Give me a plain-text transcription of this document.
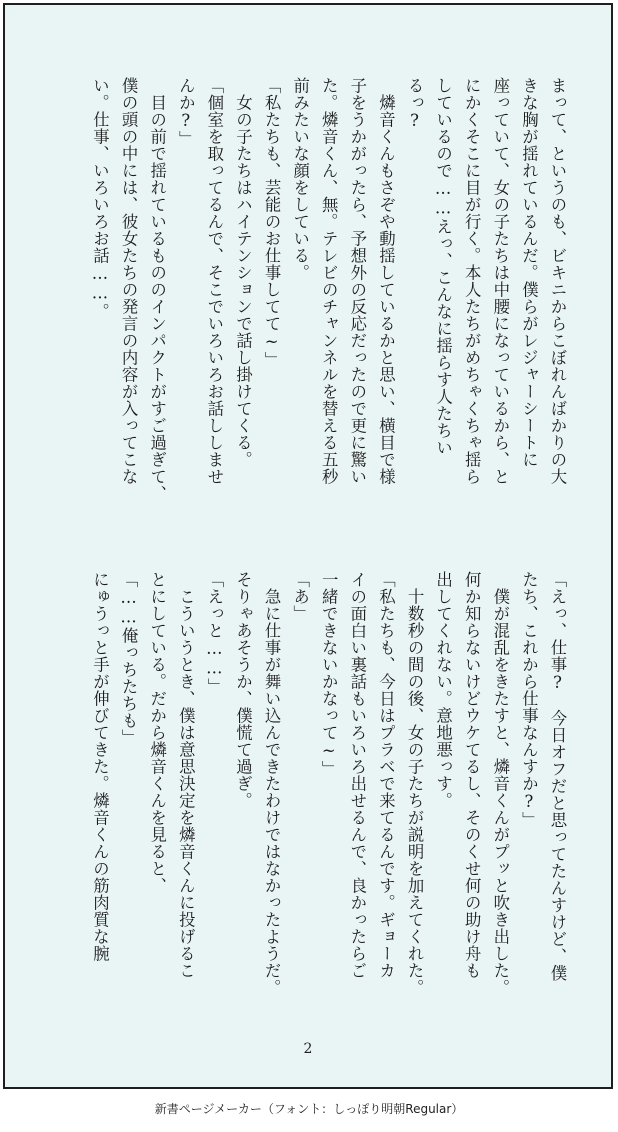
まって、というのも、ビキニからこぼれんばかりの大
きな胸が揺れているんだ。僕らがレジャーシートに
座っていて、女の子たちは中腰になっているから、と
にかくそこに目が行く。本人たちがめちゃくちゃ揺ら
しているので……えっ、こんなに揺らす人たちい
るっ?
　燐音くんもさぞや動揺しているかと思い、横目で様
子をうかがったら、予想外の反応だったので更に驚い
た。燐音くん、無。テレビのチャンネルを替える五秒
前みたいな顔をしている。
「私たちも、芸能のお仕事してて~」
　女の子たちはハイテンションで話し掛けてくる。
「個室を取ってるんで、そこでいろいろお話ししませ
んか?」
　目の前で揺れているもののインパクトがすご過ぎて、
僕の頭の中には、彼女たちの発言の内容が入ってこな
い。仕事、いろいろお話……。
「えっ、仕事?　今日オフだと思ってたんすけど、僕
たち、これから仕事なんすか?」
　僕が混乱をきたすと、燐音くんがプッと吹き出した。
何か知らないけどウケてるし、そのくせ何の助け舟も
出してくれない。意地悪っす。
　十数秒の間の後、女の子たちが説明を加えてくれた。
「私たちも、今日はプラベで来てるんです。ギョーカ
イの面白い裏話もいろいろ出せるんで、良かったらご
一緒できないかなって~」
「あ」
　急に仕事が舞い込んできたわけではなかったようだ。
そりゃあそうか、僕慌て過ぎ。
「えっと……」
　こういうとき、僕は意思決定を燐音くんに投げるこ
とにしている。だから燐音くんを見ると、
「……俺っちたちも」
にゅうっと手が伸びてきた。燐音くんの筋肉質な腕
2
新書ページメーカー（フォント：しっぽり明朝Regular）
